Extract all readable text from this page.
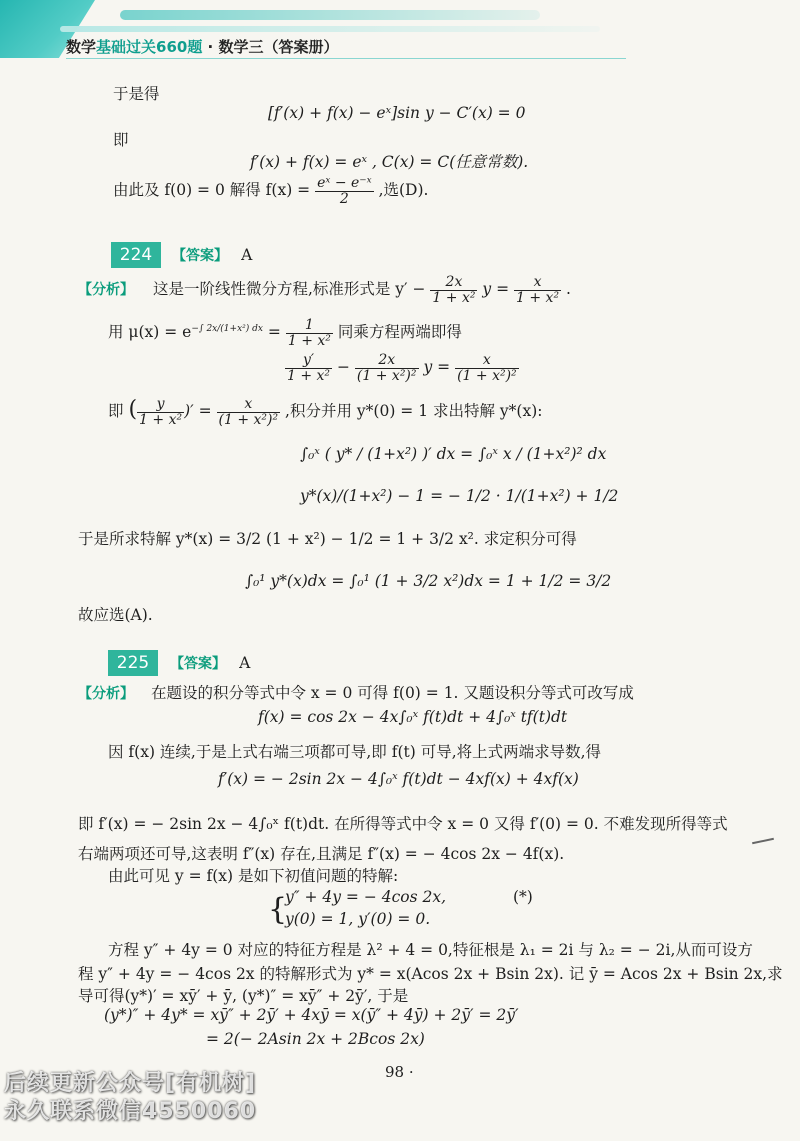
数学基础过关660题 · 数学三（答案册）
于是得
[f′(x) + f(x) − eˣ]sin y − C′(x) = 0
即
f′(x) + f(x) = eˣ , C(x) = C(任意常数).
由此及 f(0) = 0 解得 $f(x) = \frac{\text{eˣ − e⁻ˣ}}{2}$ ,选(D).
224	【答案】 A
【分析】 这是一阶线性微分方程,标准形式是 $y' - \frac{2x}{\text{1 + x²}}$ $y = \frac{x}{\text{1 + x²}}$ .
用 $\mu(x) = e^{-\int 2x/(1+x^2) dx} = \frac{1}{\text{1 + x²}}$ 同乘方程两端即得
$\frac{y'}{\text{1 + x²}} - \frac{2x}{\text{(1 + x²)²}}$ $y = \frac{x}{\text{(1 + x²)²}}$
即 ( $\frac{y}{\text{1 + x²}}$ )′ = $\frac{x}{\text{(1 + x²)²}}$ ,积分并用 y*(0) = 1 求出特解 y*(x):
∫₀ˣ ( y* / (1+x²) )′ dx = ∫₀ˣ x / (1+x²)² dx
y*(x)/(1+x²) − 1 = − 1/2 · 1/(1+x²) + 1/2
于是所求特解 y*(x) = 3/2 (1 + x²) − 1/2 = 1 + 3/2 x². 求定积分可得
∫₀¹ y*(x)dx = ∫₀¹ (1 + 3/2 x²)dx = 1 + 1/2 = 3/2
故应选(A).
225	【答案】 A
【分析】 在题设的积分等式中令 x = 0 可得 f(0) = 1. 又题设积分等式可改写成
f(x) = cos 2x − 4x∫₀ˣ f(t)dt + 4∫₀ˣ tf(t)dt
因 f(x) 连续,于是上式右端三项都可导,即 f(t) 可导,将上式两端求导数,得
f′(x) = − 2sin 2x − 4∫₀ˣ f(t)dt − 4xf(x) + 4xf(x)
即 f′(x) = − 2sin 2x − 4∫₀ˣ f(t)dt. 在所得等式中令 x = 0 又得 f′(0) = 0. 不难发现所得等式
右端两项还可导,这表明 f″(x) 存在,且满足 f″(x) = − 4cos 2x − 4f(x).
由此可见 y = f(x) 是如下初值问题的特解:
{
y″ + 4y = − 4cos 2x,
y(0) = 1, y′(0) = 0.
(*)
方程 y″ + 4y = 0 对应的特征方程是 λ² + 4 = 0,特征根是 λ₁ = 2i 与 λ₂ = − 2i,从而可设方
程 y″ + 4y = − 4cos 2x 的特解形式为 y* = x(Acos 2x + Bsin 2x). 记 ȳ = Acos 2x + Bsin 2x,求
导可得(y*)′ = xȳ′ + ȳ, (y*)″ = xȳ″ + 2ȳ′, 于是
(y*)″ + 4y* = xȳ″ + 2ȳ′ + 4xȳ = x(ȳ″ + 4ȳ) + 2ȳ′ = 2ȳ′
= 2(− 2Asin 2x + 2Bcos 2x)
98 ·
后续更新公众号[有机树]
永久联系微信4550060
